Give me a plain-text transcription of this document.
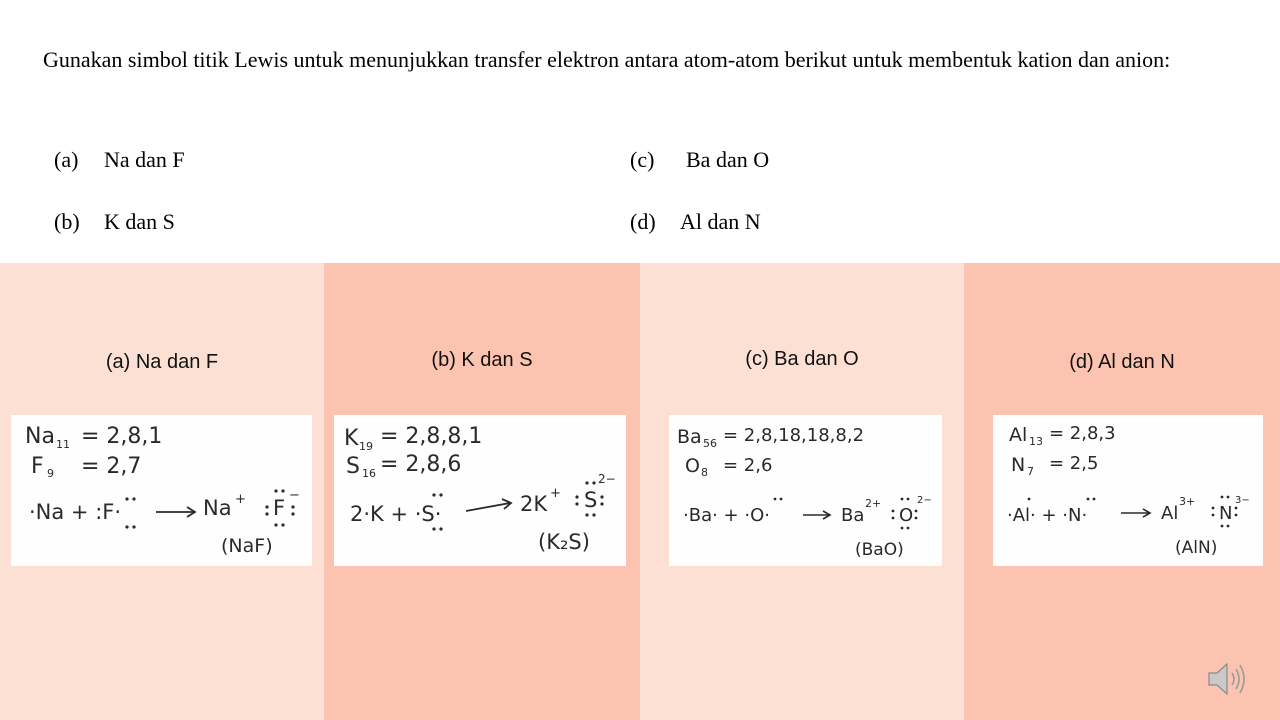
Gunakan simbol titik Lewis untuk menunjukkan transfer elektron antara atom-atom berikut untuk membentuk kation dan anion:

(a) Na dan F

(b) K dan S

(c) Ba dan O

(d) Al dan N

(a) Na dan F
Na 11 = 2,8,1
F 9 = 2,7
·Na + :F·	Na + F
−
(NaF)
(b) K dan S
K 19 = 2,8,8,1
S 16 = 2,8,6
2·K + ·S·	2K + S
2−
(K₂S)
(c) Ba dan O
Ba 56 = 2,8,18,18,8,2
O 8 = 2,6
·Ba· + ·O·	Ba
2+
O
2−
(BaO)
(d) Al dan N
Al 13 = 2,8,3
N 7 = 2,5
·Al· + ·N·	Al
3+
N
3−
(AlN)
